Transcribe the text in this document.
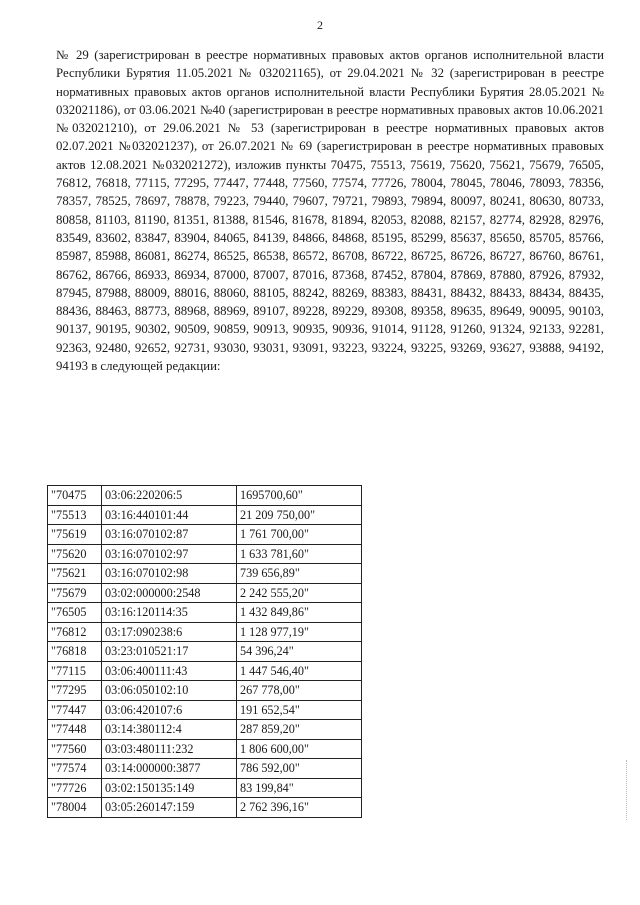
2

№ 29 (зарегистрирован в реестре нормативных правовых актов органов исполнительной власти Республики Бурятия 11.05.2021 № 032021165), от 29.04.2021 № 32 (зарегистрирован в реестре нормативных правовых актов органов исполнительной власти Республики Бурятия 28.05.2021 № 032021186), от 03.06.2021 №40 (зарегистрирован в реестре нормативных правовых актов 10.06.2021 №032021210), от 29.06.2021 № 53 (зарегистрирован в реестре нормативных правовых актов 02.07.2021 №032021237), от 26.07.2021 № 69 (зарегистрирован в реестре нормативных правовых актов 12.08.2021 №032021272), изложив пункты 70475, 75513, 75619, 75620, 75621, 75679, 76505, 76812, 76818, 77115, 77295, 77447, 77448, 77560, 77574, 77726, 78004, 78045, 78046, 78093, 78356, 78357, 78525, 78697, 78878, 79223, 79440, 79607, 79721, 79893, 79894, 80097, 80241, 80630, 80733, 80858, 81103, 81190, 81351, 81388, 81546, 81678, 81894, 82053, 82088, 82157, 82774, 82928, 82976, 83549, 83602, 83847, 83904, 84065, 84139, 84866, 84868, 85195, 85299, 85637, 85650, 85705, 85766, 85987, 85988, 86081, 86274, 86525, 86538, 86572, 86708, 86722, 86725, 86726, 86727, 86760, 86761, 86762, 86766, 86933, 86934, 87000, 87007, 87016, 87368, 87452, 87804, 87869, 87880, 87926, 87932, 87945, 87988, 88009, 88016, 88060, 88105, 88242, 88269, 88383, 88431, 88432, 88433, 88434, 88435, 88436, 88463, 88773, 88968, 88969, 89107, 89228, 89229, 89308, 89358, 89635, 89649, 90095, 90103, 90137, 90195, 90302, 90509, 90859, 90913, 90935, 90936, 91014, 91128, 91260, 91324, 92133, 92281, 92363, 92480, 92652, 92731, 93030, 93031, 93091, 93223, 93224, 93225, 93269, 93627, 93888, 94192, 94193 в следующей редакции:

"70475	03:06:220206:5	1695700,60"
"75513	03:16:440101:44	21 209 750,00"
"75619	03:16:070102:87	1 761 700,00"
"75620	03:16:070102:97	1 633 781,60"
"75621	03:16:070102:98	739 656,89"
"75679	03:02:000000:2548	2 242 555,20"
"76505	03:16:120114:35	1 432 849,86"
"76812	03:17:090238:6	1 128 977,19"
"76818	03:23:010521:17	54 396,24"
"77115	03:06:400111:43	1 447 546,40"
"77295	03:06:050102:10	267 778,00"
"77447	03:06:420107:6	191 652,54"
"77448	03:14:380112:4	287 859,20"
"77560	03:03:480111:232	1 806 600,00"
"77574	03:14:000000:3877	786 592,00"
"77726	03:02:150135:149	83 199,84"
"78004	03:05:260147:159	2 762 396,16"
